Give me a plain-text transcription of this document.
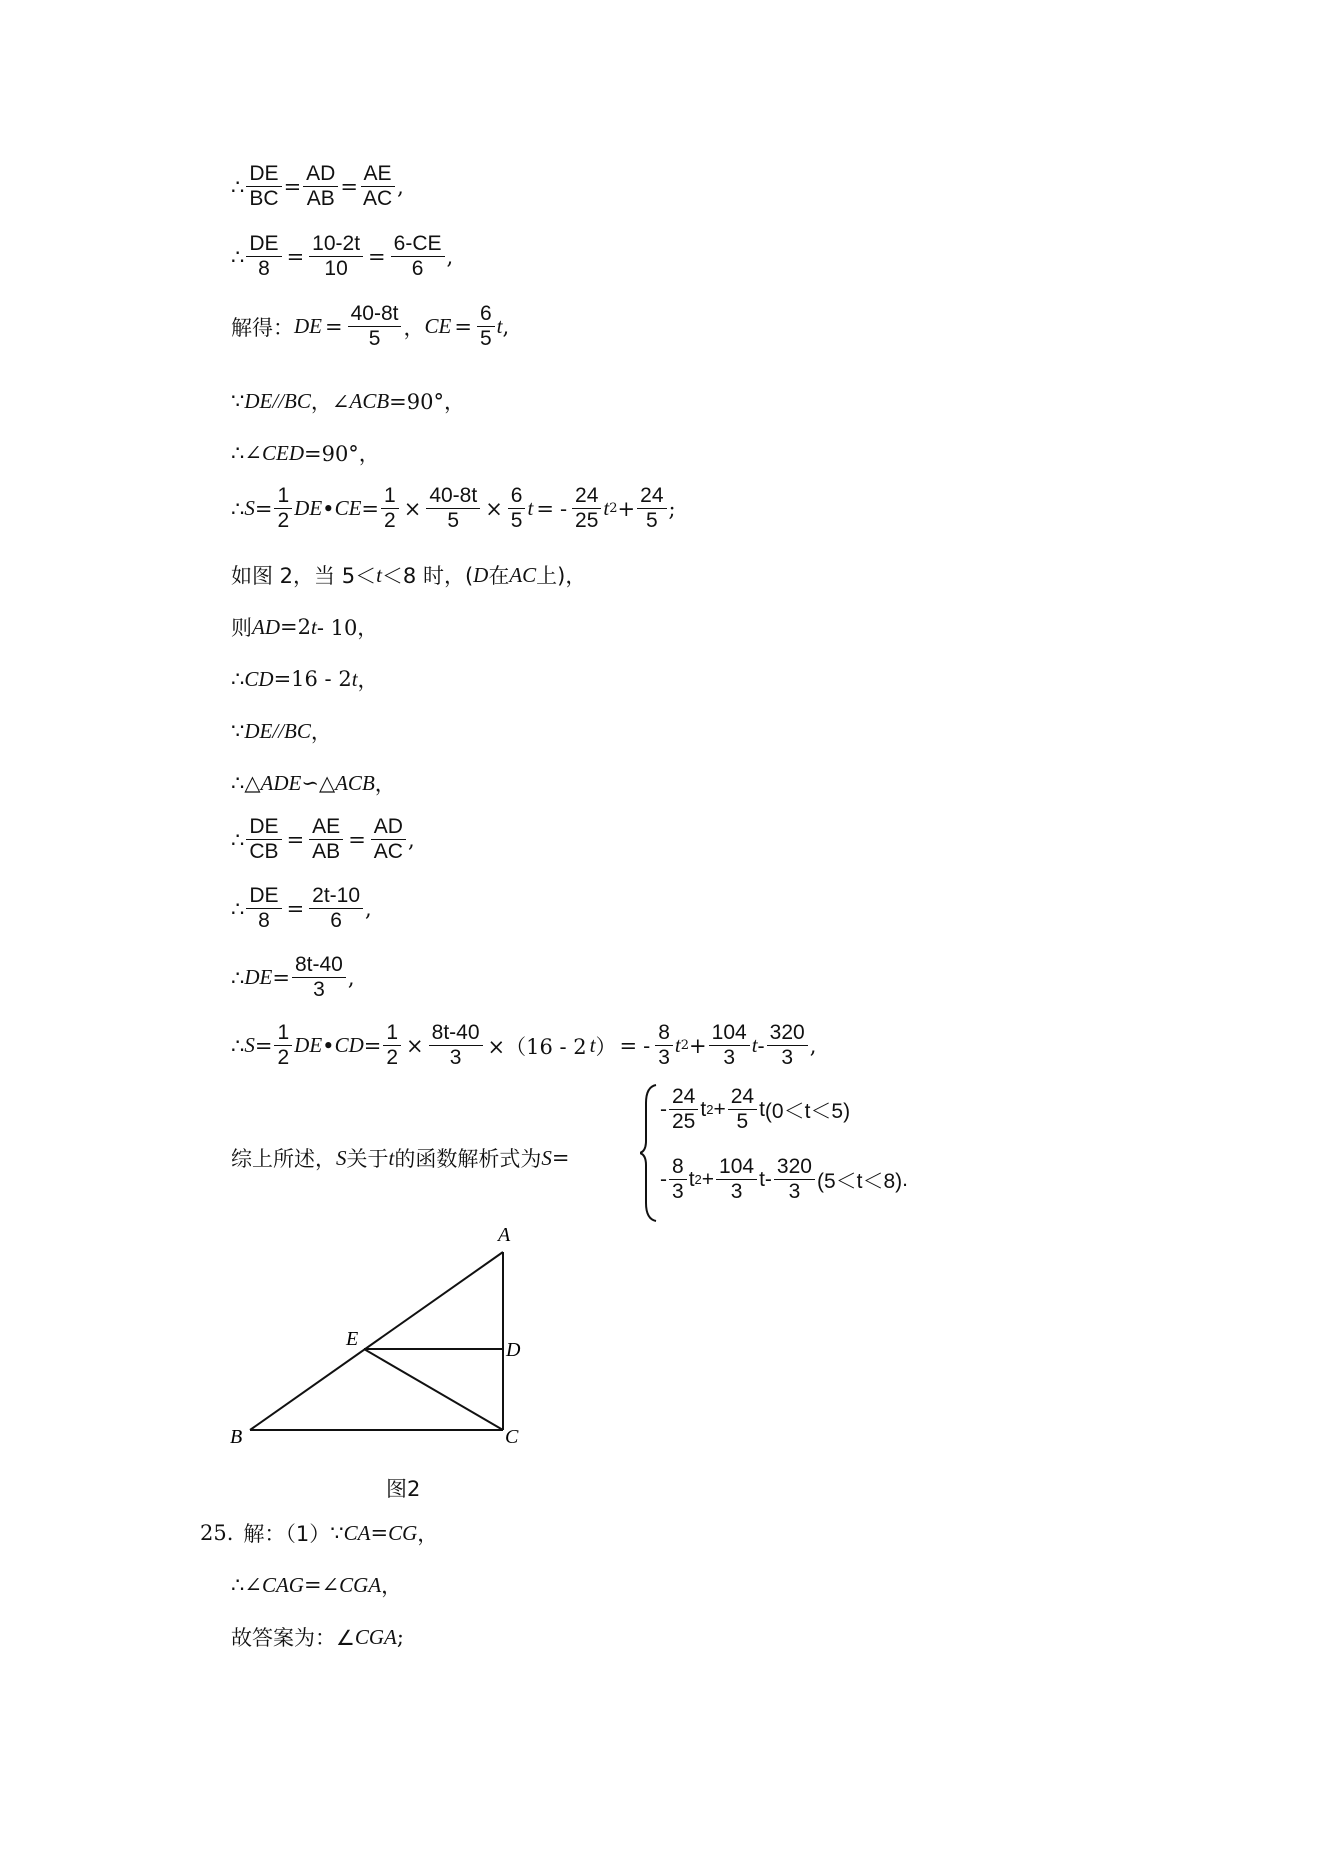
∴ $\frac{DE}{BC} = \frac{AD}{AB} = \frac{AE}{AC}$ ,
∴ $\frac{DE}{8} = \frac{10-2t}{10} = \frac{6-CE}{6}$ ,
解得： DE = $\frac{40-8t}{5}$ ， CE = $\frac{6}{5}$ t ,
∵ DE // BC ，∠ ACB =90°，
∴ ∠ CED =90°，
∴ $S = \frac{1}{2}$ DE • CE = $\frac{1}{2} \times \frac{40-8t}{5} \times \frac{6}{5}$ t = - $\frac{24}{25}$ t $2 + \frac{24}{5}$ ;
如图 2，当 5＜ t ＜8 时，( D 在 AC 上)，
则 AD =2 t - 10，
∴ CD =16 - 2 t ，
∵ DE // BC ，
∴ △ ADE ∽△ ACB ，
∴ $\frac{DE}{CB} = \frac{AE}{AB} = \frac{AD}{AC}$ ,
∴ $\frac{DE}{8} = \frac{2t-10}{6}$ ,
∴ DE = $\frac{8t-40}{3}$ ,
∴ $S = \frac{1}{2}$ DE • CD = $\frac{1}{2} \times \frac{8t-40}{3} \times(16 - 2$ t ） = - $\frac{8}{3}$ t $2 + \frac{104}{3}$ t - $\frac{320}{3}$ ,
综上所述， S 关于 t 的函数解析式为 S =
- $\frac{24}{25}$ t $2 + \frac{24}{5}$ t (0＜t＜5)
- $\frac{8}{3}$ t $2 + \frac{104}{3}$ $t - \frac{320}{3} (5<t<8)$ .
A
B	C
D
E
图2
25. 解：（1） ∵ CA = CG ，
∴∠ CAG =∠ CGA ，
故答案为：∠ CGA ;
